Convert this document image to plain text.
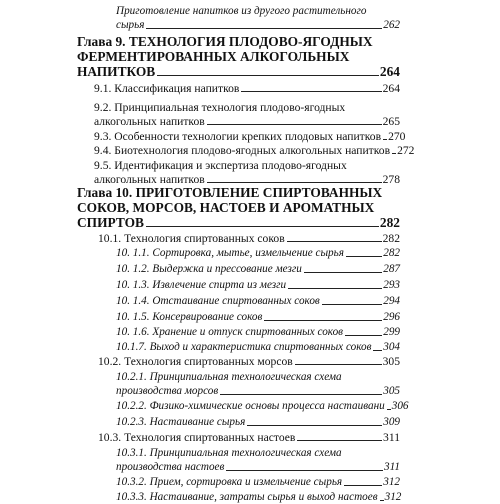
Приготовление напитков из другого растительного
сырья	262
Глава 9. ТЕХНОЛОГИЯ ПЛОДОВО-ЯГОДНЫХ
ФЕРМЕНТИРОВАННЫХ АЛКОГОЛЬНЫХ
НАПИТКОВ	264
9.1. Классификация напитков	264
9.2. Принципиальная технология плодово-ягодных
алкогольных напитков	265
9.3. Особенности технологии крепких плодовых напитков 270
9.4. Биотехнология плодово-ягодных алкогольных напитков 272
9.5. Идентификация и экспертиза плодово-ягодных
алкогольных напитков	278
Глава 10. ПРИГОТОВЛЕНИЕ СПИРТОВАННЫХ
СОКОВ, МОРСОВ, НАСТОЕВ И АРОМАТНЫХ
СПИРТОВ	282
10.1. Технология спиртованных соков	282
10. 1.1. Сортировка, мытье, измельчение сырья	282
10. 1.2. Выдержка и прессование мезги	287
10. 1.3. Извлечение спирта из мезги	293
10. 1.4. Отстаивание спиртованных соков	294
10. 1.5. Консервирование соков	296
10. 1.6. Хранение и отпуск спиртованных соков	299
10.1.7. Выход и характеристика спиртованных соков 304
10.2. Технология спиртованных морсов	305
10.2.1. Принципиальная технологическая схема
производства морсов	305
10.2.2. Физико-химические основы процесса настаивани 306
10.2.3. Настаивание сырья	309
10.3. Технология спиртованных настоев	311
10.3.1. Принципиальная технологическая схема
производства настоев	311
10.3.2. Прием, сортировка и измельчение сырья	312
10.3.3. Настаивание, затраты сырья и выход настоев 312
